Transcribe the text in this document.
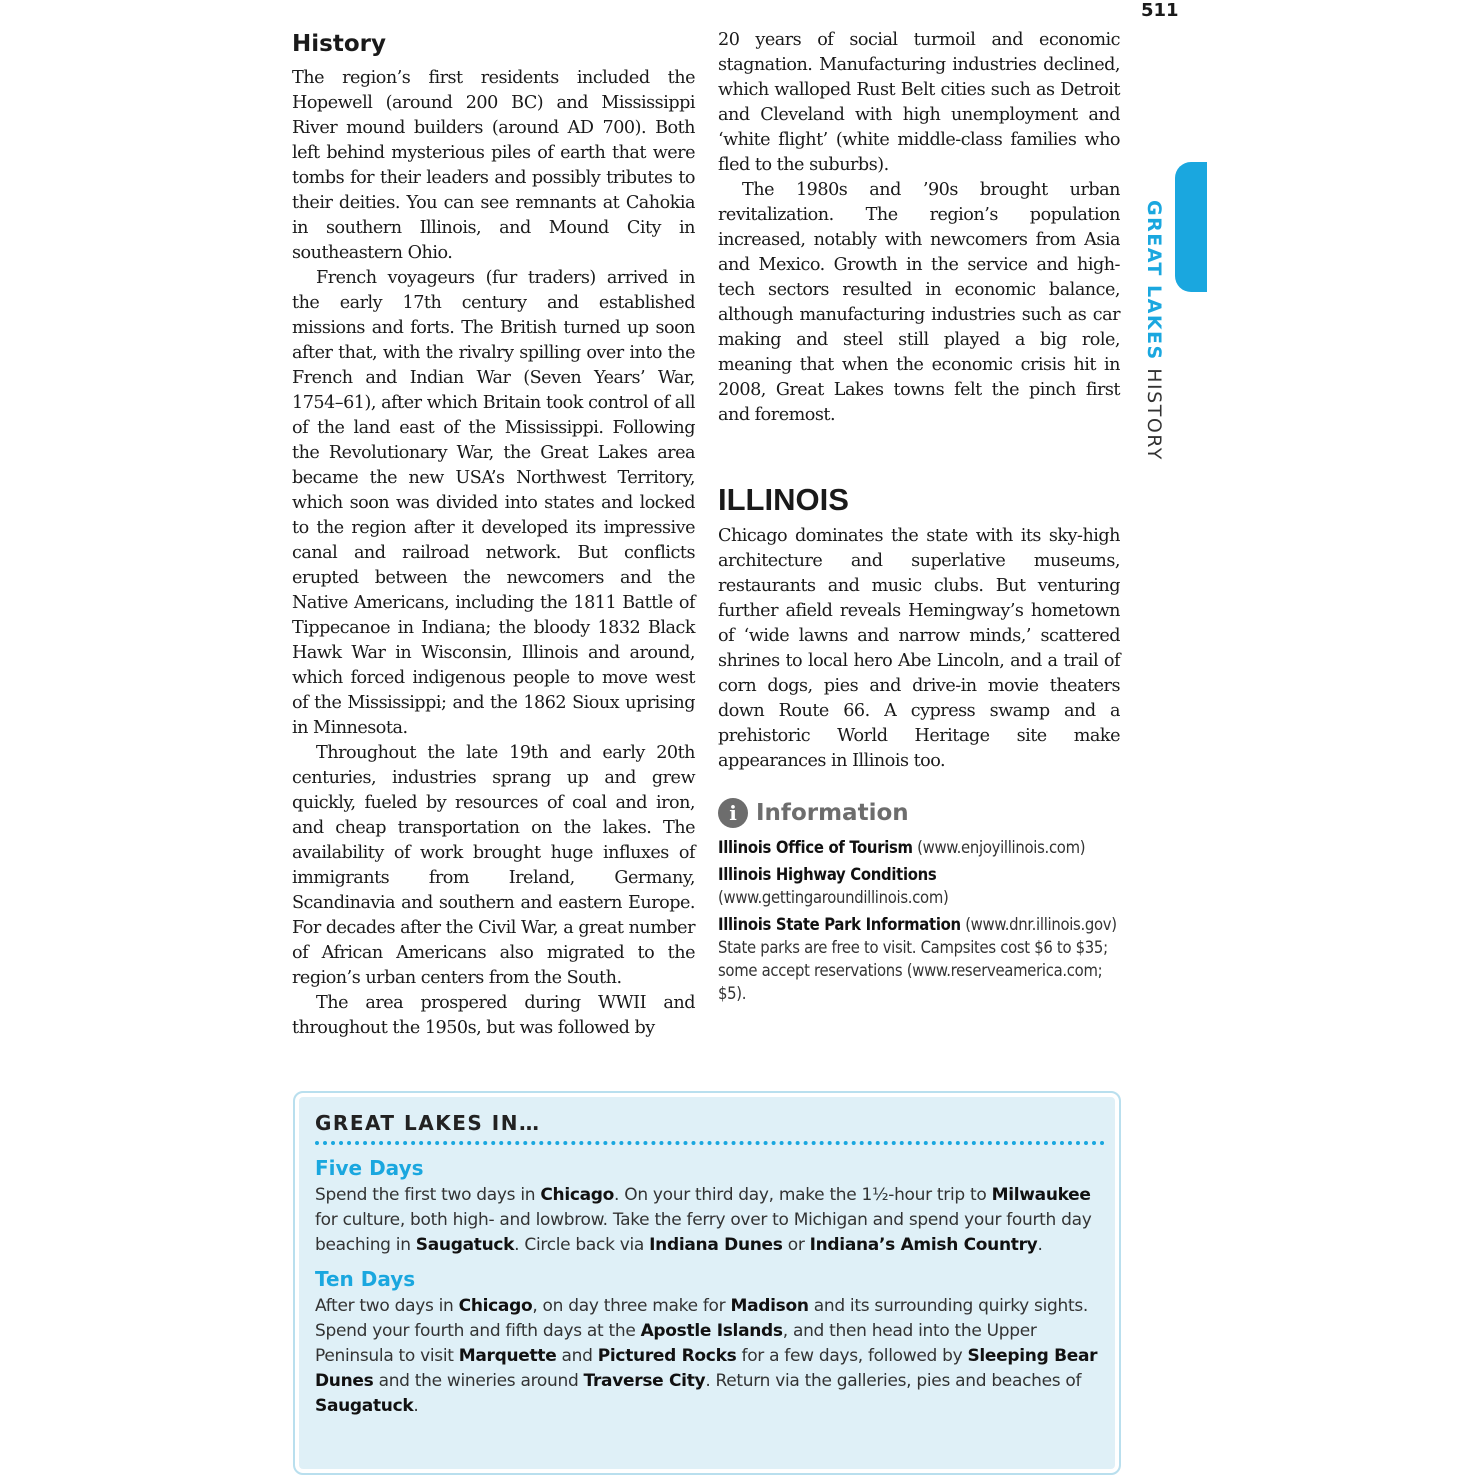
511
GREAT LAKES HISTORY
History

The region’s first residents included the Hopewell (around 200 BC) and Mississippi River mound builders (around AD 700). Both left behind mysterious piles of earth that were tombs for their leaders and possibly tributes to their deities. You can see remnants at Cahokia in southern Illinois, and Mound City in southeastern Ohio.

French voyageurs (fur traders) arrived in the early 17th century and established missions and forts. The British turned up soon after that, with the rivalry spilling over into the French and Indian War (Seven Years’ War, 1754–61), after which Britain took control of all of the land east of the Mississippi. Following the Revolutionary War, the Great Lakes area became the new USA’s Northwest Territory, which soon was divided into states and locked to the region after it developed its impressive canal and railroad network. But conflicts erupted between the newcomers and the Native Americans, including the 1811 Battle of Tippecanoe in Indiana; the bloody 1832 Black Hawk War in Wisconsin, Illinois and around, which forced indigenous people to move west of the Mississippi; and the 1862 Sioux uprising in Minnesota.

Throughout the late 19th and early 20th centuries, industries sprang up and grew quickly, fueled by resources of coal and iron, and cheap transportation on the lakes. The availability of work brought huge influxes of immigrants from Ireland, Germany, Scandinavia and southern and eastern Europe. For decades after the Civil War, a great number of African Americans also migrated to the region’s urban centers from the South.

The area prospered during WWII and throughout the 1950s, but was followed by

20 years of social turmoil and economic stagnation. Manufacturing industries declined, which walloped Rust Belt cities such as Detroit and Cleveland with high unemployment and ‘white flight’ (white middle-class families who fled to the suburbs).

The 1980s and ’90s brought urban revitalization. The region’s population increased, notably with newcomers from Asia and Mexico. Growth in the service and high-tech sectors resulted in economic balance, although manufacturing industries such as car making and steel still played a big role, meaning that when the economic crisis hit in 2008, Great Lakes towns felt the pinch first and foremost.

ILLINOIS

Chicago dominates the state with its sky-high architecture and superlative museums, restaurants and music clubs. But venturing further afield reveals Hemingway’s hometown of ‘wide lawns and narrow minds,’ scattered shrines to local hero Abe Lincoln, and a trail of corn dogs, pies and drive-in movie theaters down Route 66. A cypress swamp and a prehistoric World Heritage site make appearances in Illinois too.

i Information

Illinois Office of Tourism (www.enjoyillinois.com)

Illinois Highway Conditions (www.gettingaroundillinois.com)

Illinois State Park Information (www.dnr.illinois.gov) State parks are free to visit. Campsites cost $6 to $35; some accept reservations (www.reserveamerica.com; $5).

GREAT LAKES IN…
Five Days

Spend the first two days in Chicago. On your third day, make the 1½-hour trip to Milwaukee for culture, both high- and lowbrow. Take the ferry over to Michigan and spend your fourth day beaching in Saugatuck. Circle back via Indiana Dunes or Indiana’s Amish Country.

Ten Days

After two days in Chicago, on day three make for Madison and its surrounding quirky sights. Spend your fourth and fifth days at the Apostle Islands, and then head into the Upper Peninsula to visit Marquette and Pictured Rocks for a few days, followed by Sleeping Bear Dunes and the wineries around Traverse City. Return via the galleries, pies and beaches of Saugatuck.
